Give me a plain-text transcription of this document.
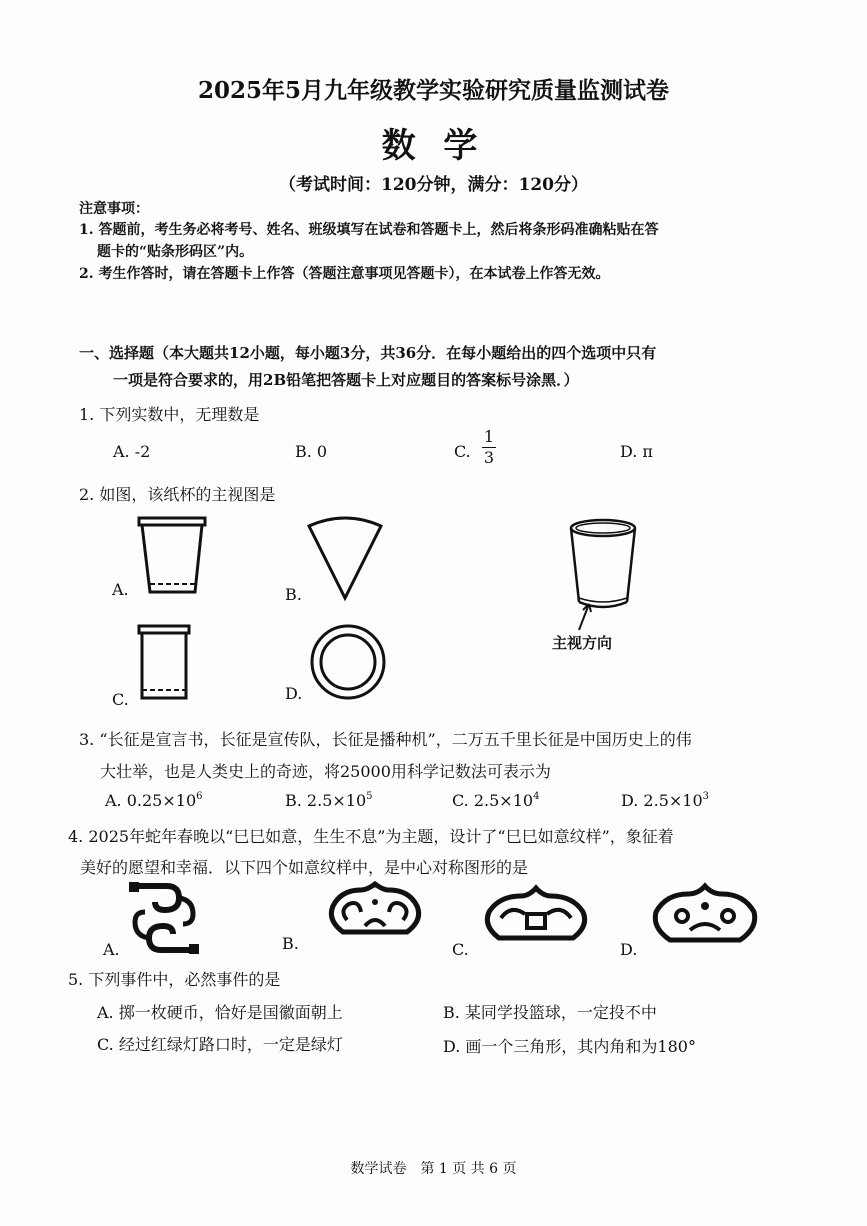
2025年5月九年级教学实验研究质量监测试卷
数 学
（考试时间：120分钟，满分：120分）
注意事项：
1. 答题前，考生务必将考号、姓名、班级填写在试卷和答题卡上，然后将条形码准确粘贴在答
题卡的“贴条形码区”内。
2. 考生作答时，请在答题卡上作答（答题注意事项见答题卡），在本试卷上作答无效。
一、选择题（本大题共12小题，每小题3分，共36分．在每小题给出的四个选项中只有
一项是符合要求的，用2B铅笔把答题卡上对应题目的答案标号涂黑．）
1. 下列实数中，无理数是
A. -2	B. 0	C.
1
3	D. π
2. 如图，该纸杯的主视图是
A.	B.
主视方向
C.	D.
3. “长征是宣言书，长征是宣传队，长征是播种机”，二万五千里长征是中国历史上的伟
大壮举，也是人类史上的奇迹，将25000用科学记数法可表示为
A. $0.25\times 10^6$	B. $2.5\times 10^5$	C. $2.5\times 10^4$	D. $2.5\times 10^3$
4. 2025年蛇年春晚以“巳巳如意，生生不息”为主题，设计了“巳巳如意纹样”，象征着
美好的愿望和幸福．以下四个如意纹样中，是中心对称图形的是
A.	B.	C.	D.
5. 下列事件中，必然事件的是
A. 掷一枚硬币，恰好是国徽面朝上	B. 某同学投篮球，一定投不中
C. 经过红绿灯路口时，一定是绿灯	D. 画一个三角形，其内角和为180°
数学试卷　第 1 页 共 6 页
